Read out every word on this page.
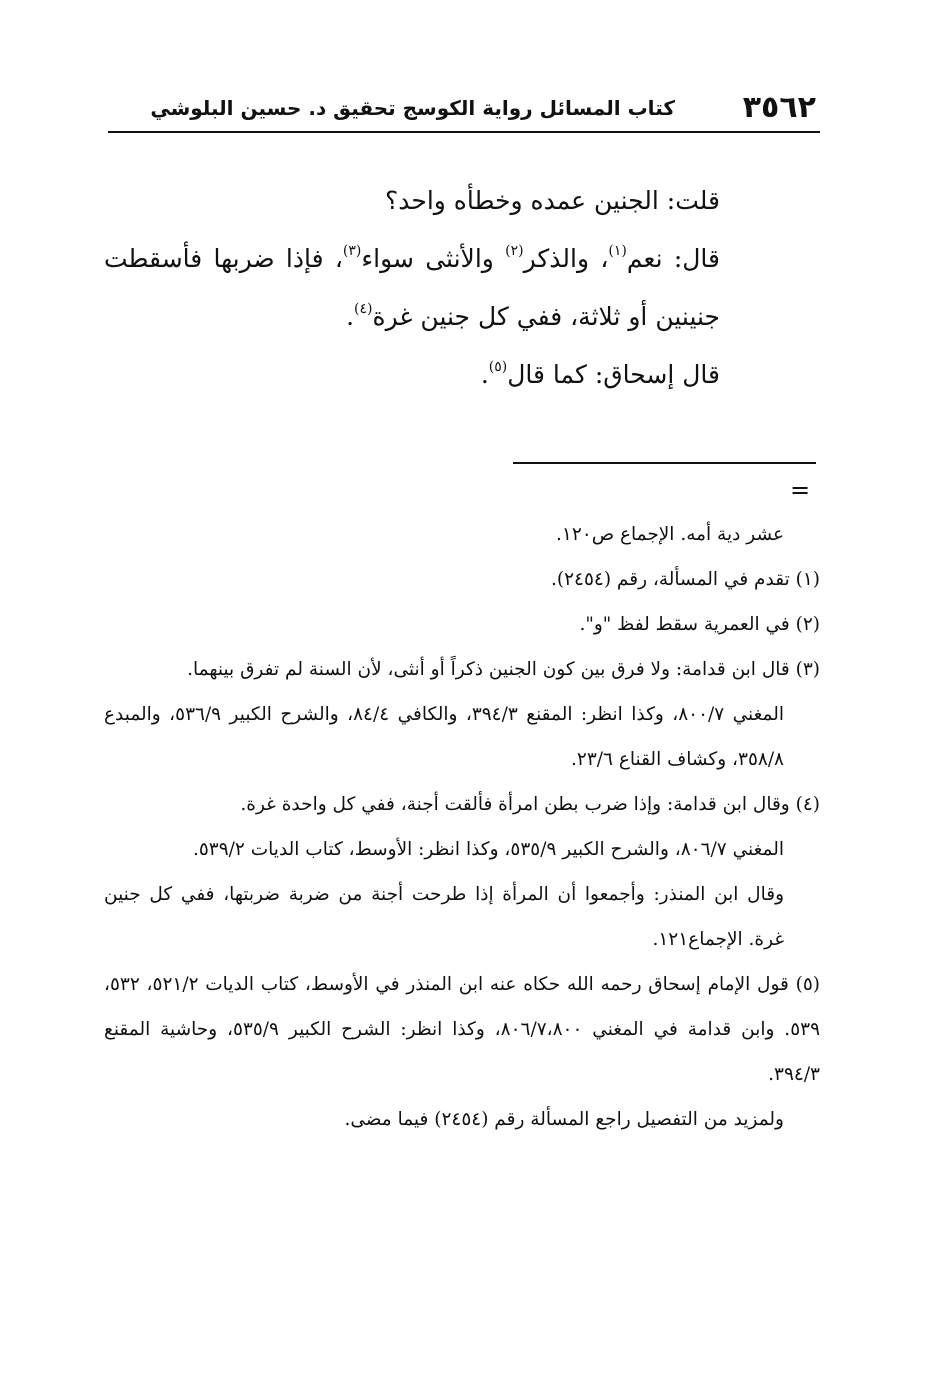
٣٥٦٢
كتاب المسائل رواية الكوسج تحقيق د. حسين البلوشي

قلت: الجنين عمده وخطأه واحد؟

قال: نعم$^{(١)}$، والذكر$^{(٢)}$ والأنثى سواء$^{(٣)}$، فإذا ضربها فأسقطت جنينين أو ثلاثة، ففي كل جنين غرة$^{(٤)}$.

قال إسحاق: كما قال$^{(٥)}$.

=

عشر دية أمه. الإجماع ص١٢٠.

(١) تقدم في المسألة، رقم (٢٤٥٤).

(٢) في العمرية سقط لفظ "و".

(٣) قال ابن قدامة: ولا فرق بين كون الجنين ذكراً أو أنثى، لأن السنة لم تفرق بينهما.

المغني ٨٠٠/٧، وكذا انظر: المقنع ٣٩٤/٣، والكافي ٨٤/٤، والشرح الكبير ٥٣٦/٩، والمبدع ٣٥٨/٨، وكشاف القناع ٢٣/٦.

(٤) وقال ابن قدامة: وإذا ضرب بطن امرأة فألقت أجنة، ففي كل واحدة غرة.

المغني ٨٠٦/٧، والشرح الكبير ٥٣٥/٩، وكذا انظر: الأوسط، كتاب الديات ٥٣٩/٢.

وقال ابن المنذر: وأجمعوا أن المرأة إذا طرحت أجنة من ضربة ضربتها، ففي كل جنين غرة. الإجماع١٢١.

(٥) قول الإمام إسحاق رحمه الله حكاه عنه ابن المنذر في الأوسط، كتاب الديات ٥٢١/٢، ٥٣٢، ٥٣٩. وابن قدامة في المغني ٨٠٦/٧،٨٠٠، وكذا انظر: الشرح الكبير ٥٣٥/٩، وحاشية المقنع ٣٩٤/٣.

ولمزيد من التفصيل راجع المسألة رقم (٢٤٥٤) فيما مضى.
